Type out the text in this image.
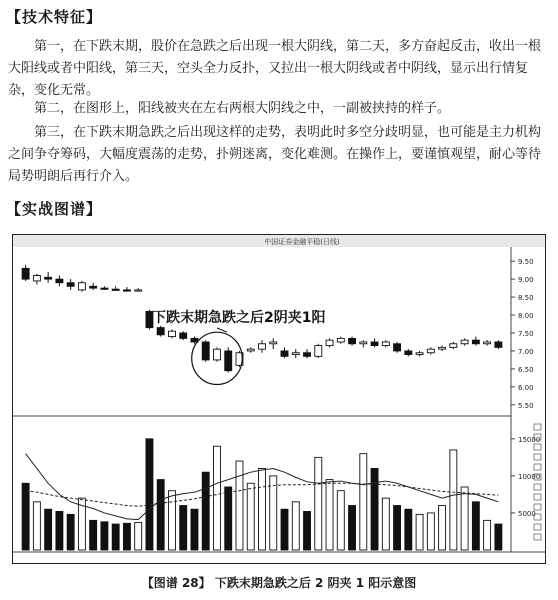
【技术特征】

第一，在下跌末期，股价在急跌之后出现一根大阴线，第二天，多方奋起反击，收出一根大阳线或者中阳线，第三天，空头全力反扑，又拉出一根大阴线或者中阴线，显示出行情复杂，变化无常。

第二，在图形上，阳线被夹在左右两根大阴线之中，一副被挟持的样子。

第三，在下跌末期急跌之后出现这样的走势，表明此时多空分歧明显，也可能是主力机构之间争夺筹码，大幅度震荡的走势，扑朔迷离，变化难测。在操作上，要谨慎观望，耐心等待局势明朗后再行介入。

【实战图谱】
中国证券金融平稳(日线)
9.50
9.00
8.50
8.00
7.50
7.00
6.50
6.00
5.50
15000
10000
5000
下跌末期急跌之后2阴夹1阳
【图谱 28】 下跌末期急跌之后 2 阴夹 1 阳示意图
